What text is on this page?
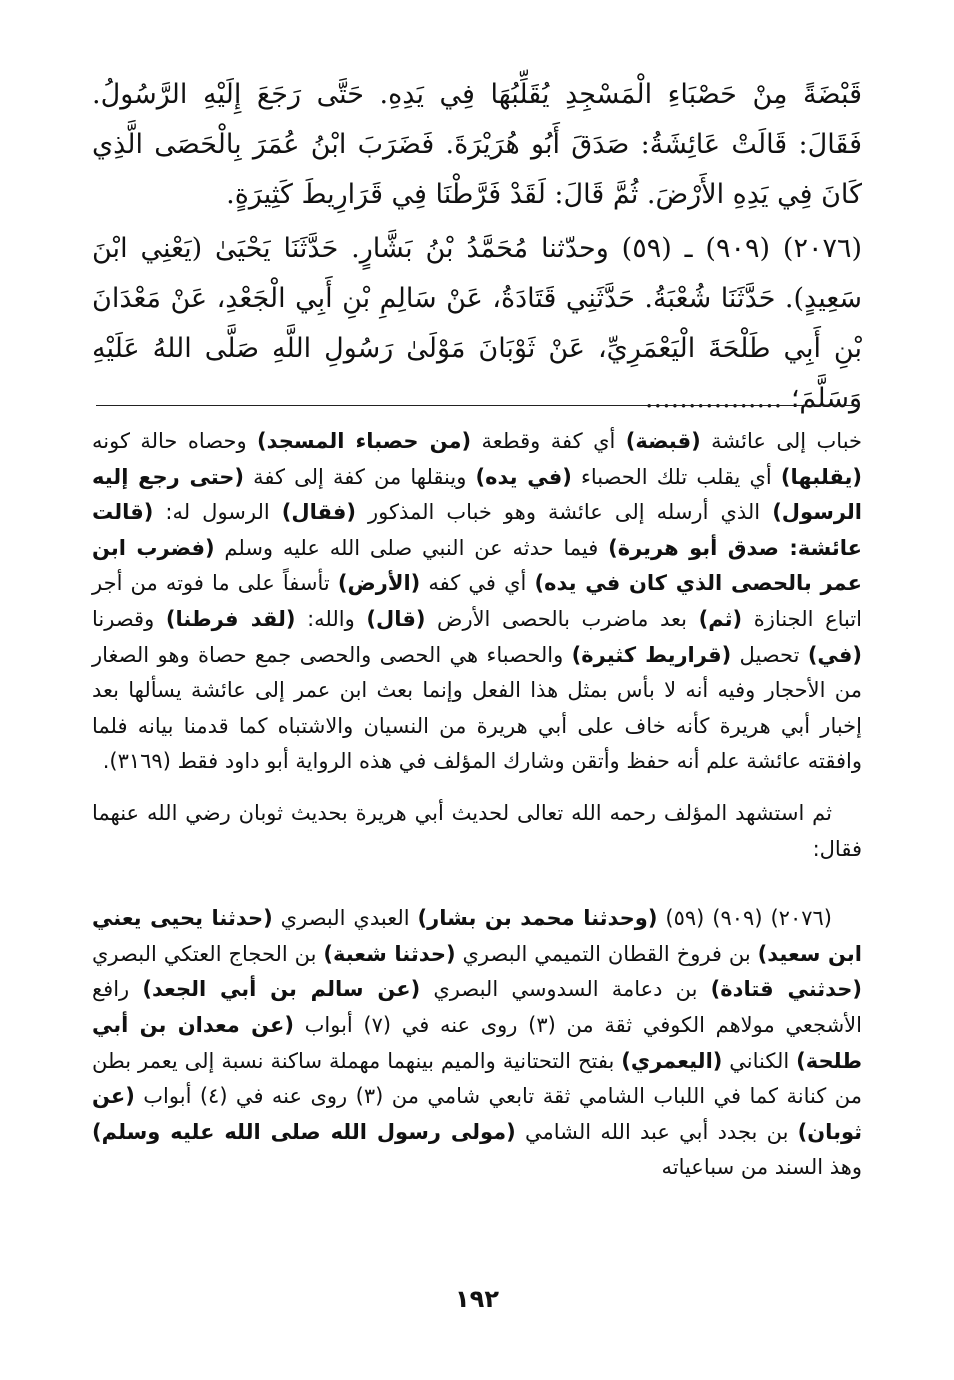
قَبْضَةً مِنْ حَصْبَاءِ الْمَسْجِدِ يُقَلِّبُهَا فِي يَدِهِ. حَتَّى رَجَعَ إِلَيْهِ الرَّسُولُ. فَقَالَ: قَالَتْ عَائِشَةُ: صَدَقَ أَبُو هُرَيْرَةَ. فَضَرَبَ ابْنُ عُمَرَ بِالْحَصَى الَّذِي كَانَ فِي يَدِهِ الأَرْضَ. ثُمَّ قَالَ: لَقَدْ فَرَّطْنَا فِي قَرَارِيطَ كَثِيرَةٍ.

(٢٠٧٦) (٩٠٩) ـ (٥٩) وحدّثنا مُحَمَّدُ بْنُ بَشَّارٍ. حَدَّثَنَا يَحْيَىٰ (يَعْنِي ابْنَ سَعِيدٍ). حَدَّثَنَا شُعْبَةُ. حَدَّثَنِي قَتَادَةُ، عَنْ سَالِمِ بْنِ أَبِي الْجَعْدِ، عَنْ مَعْدَانَ بْنِ أَبِي طَلْحَةَ الْيَعْمَرِيِّ، عَنْ ثَوْبَانَ مَوْلَىٰ رَسُولِ اللَّهِ صَلَّى اللهُ عَلَيْهِ وَسَلَّمَ؛ ................

خباب إلى عائشة (قبضة) أي كفة وقطعة (من حصباء المسجد) وحصاه حالة كونه (يقلبها) أي يقلب تلك الحصباء (في يده) وينقلها من كفة إلى كفة (حتى رجع إليه الرسول) الذي أرسله إلى عائشة وهو خباب المذكور (فقال) الرسول له: (قالت عائشة: صدق أبو هريرة) فيما حدثه عن النبي صلى الله عليه وسلم (فضرب ابن عمر بالحصى الذي كان في يده) أي في كفه (الأرض) تأسفاً على ما فوته من أجر اتباع الجنازة (ثم) بعد ماضرب بالحصى الأرض (قال) والله: (لقد فرطنا) وقصرنا (في) تحصيل (قراريط كثيرة) والحصباء هي الحصى والحصى جمع حصاة وهو الصغار من الأحجار وفيه أنه لا بأس بمثل هذا الفعل وإنما بعث ابن عمر إلى عائشة يسألها بعد إخبار أبي هريرة كأنه خاف على أبي هريرة من النسيان والاشتباه كما قدمنا بيانه فلما وافقته عائشة علم أنه حفظ وأتقن وشارك المؤلف في هذه الرواية أبو داود فقط (٣١٦٩).

ثم استشهد المؤلف رحمه الله تعالى لحديث أبي هريرة بحديث ثوبان رضي الله عنهما فقال:

(٢٠٧٦) (٩٠٩) (٥٩) (وحدثنا محمد بن بشار) العبدي البصري (حدثنا يحيى يعني ابن سعيد) بن فروخ القطان التميمي البصري (حدثنا شعبة) بن الحجاج العتكي البصري (حدثني قتادة) بن دعامة السدوسي البصري (عن سالم بن أبي الجعد) رافع الأشجعي مولاهم الكوفي ثقة من (٣) روى عنه في (٧) أبواب (عن معدان بن أبي طلحة) الكناني (اليعمري) بفتح التحتانية والميم بينهما مهملة ساكنة نسبة إلى يعمر بطن من كنانة كما في اللباب الشامي ثقة تابعي شامي من (٣) روى عنه في (٤) أبواب (عن ثوبان) بن بجدد أبي عبد الله الشامي (مولى رسول الله صلى الله عليه وسلم) وهذ السند من سباعياته

١٩٢
